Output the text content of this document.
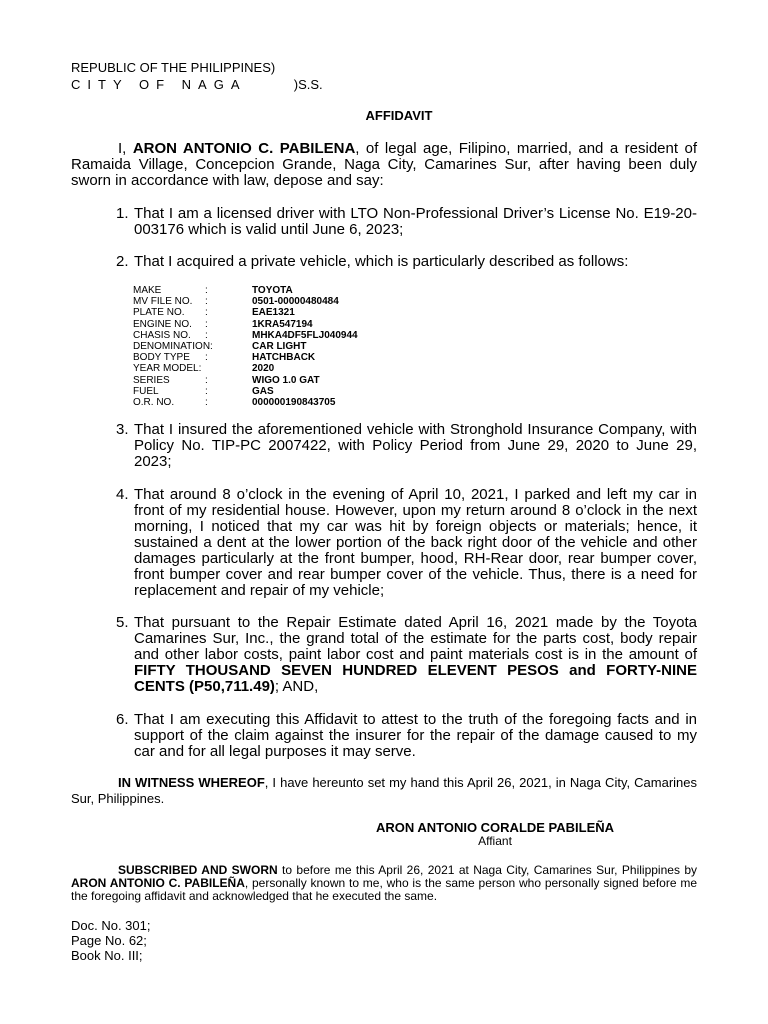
REPUBLIC OF THE PHILIPPINES)
CITY OF NAGA	)S.S.
AFFIDAVIT

I, ARON ANTONIO C. PABILENA, of legal age, Filipino, married, and a resident of Ramaida Village, Concepcion Grande, Naga City, Camarines Sur, after having been duly sworn in accordance with law, depose and say:

1. That I am a licensed driver with LTO Non-Professional Driver’s License No. E19-20-003176 which is valid until June 6, 2023;

2. That I acquired a private vehicle, which is particularly described as follows:

MAKE	:	TOYOTA
MV FILE NO. :	0501-00000480484
PLATE NO. :	EAE1321
ENGINE NO. :	1KRA547194
CHASIS NO. :	MHKA4DF5FLJ040944
DENOMINATION:	CAR LIGHT
BODY TYPE :	HATCHBACK
YEAR MODEL:	2020
SERIES	:	WIGO 1.0 GAT
FUEL	:	GAS
O.R. NO.	:	000000190843705
3. That I insured the aforementioned vehicle with Stronghold Insurance Company, with Policy No. TIP-PC 2007422, with Policy Period from June 29, 2020 to June 29, 2023;

4. That around 8 o’clock in the evening of April 10, 2021, I parked and left my car in front of my residential house. However, upon my return around 8 o’clock in the next morning, I noticed that my car was hit by foreign objects or materials; hence, it sustained a dent at the lower portion of the back right door of the vehicle and other damages particularly at the front bumper, hood, RH-Rear door, rear bumper cover, front bumper cover and rear bumper cover of the vehicle. Thus, there is a need for replacement and repair of my vehicle;

5. That pursuant to the Repair Estimate dated April 16, 2021 made by the Toyota Camarines Sur, Inc., the grand total of the estimate for the parts cost, body repair and other labor costs, paint labor cost and paint materials cost is in the amount of FIFTY THOUSAND SEVEN HUNDRED ELEVENT PESOS and FORTY-NINE CENTS (P50,711.49); AND,

6. That I am executing this Affidavit to attest to the truth of the foregoing facts and in support of the claim against the insurer for the repair of the damage caused to my car and for all legal purposes it may serve.

IN WITNESS WHEREOF, I have hereunto set my hand this April 26, 2021, in Naga City, Camarines Sur, Philippines.

ARON ANTONIO CORALDE PABILEÑA
Affiant

SUBSCRIBED AND SWORN to before me this April 26, 2021 at Naga City, Camarines Sur, Philippines by ARON ANTONIO C. PABILEÑA, personally known to me, who is the same person who personally signed before me the foregoing affidavit and acknowledged that he executed the same.

Doc. No. 301;
Page No. 62;
Book No. III;
